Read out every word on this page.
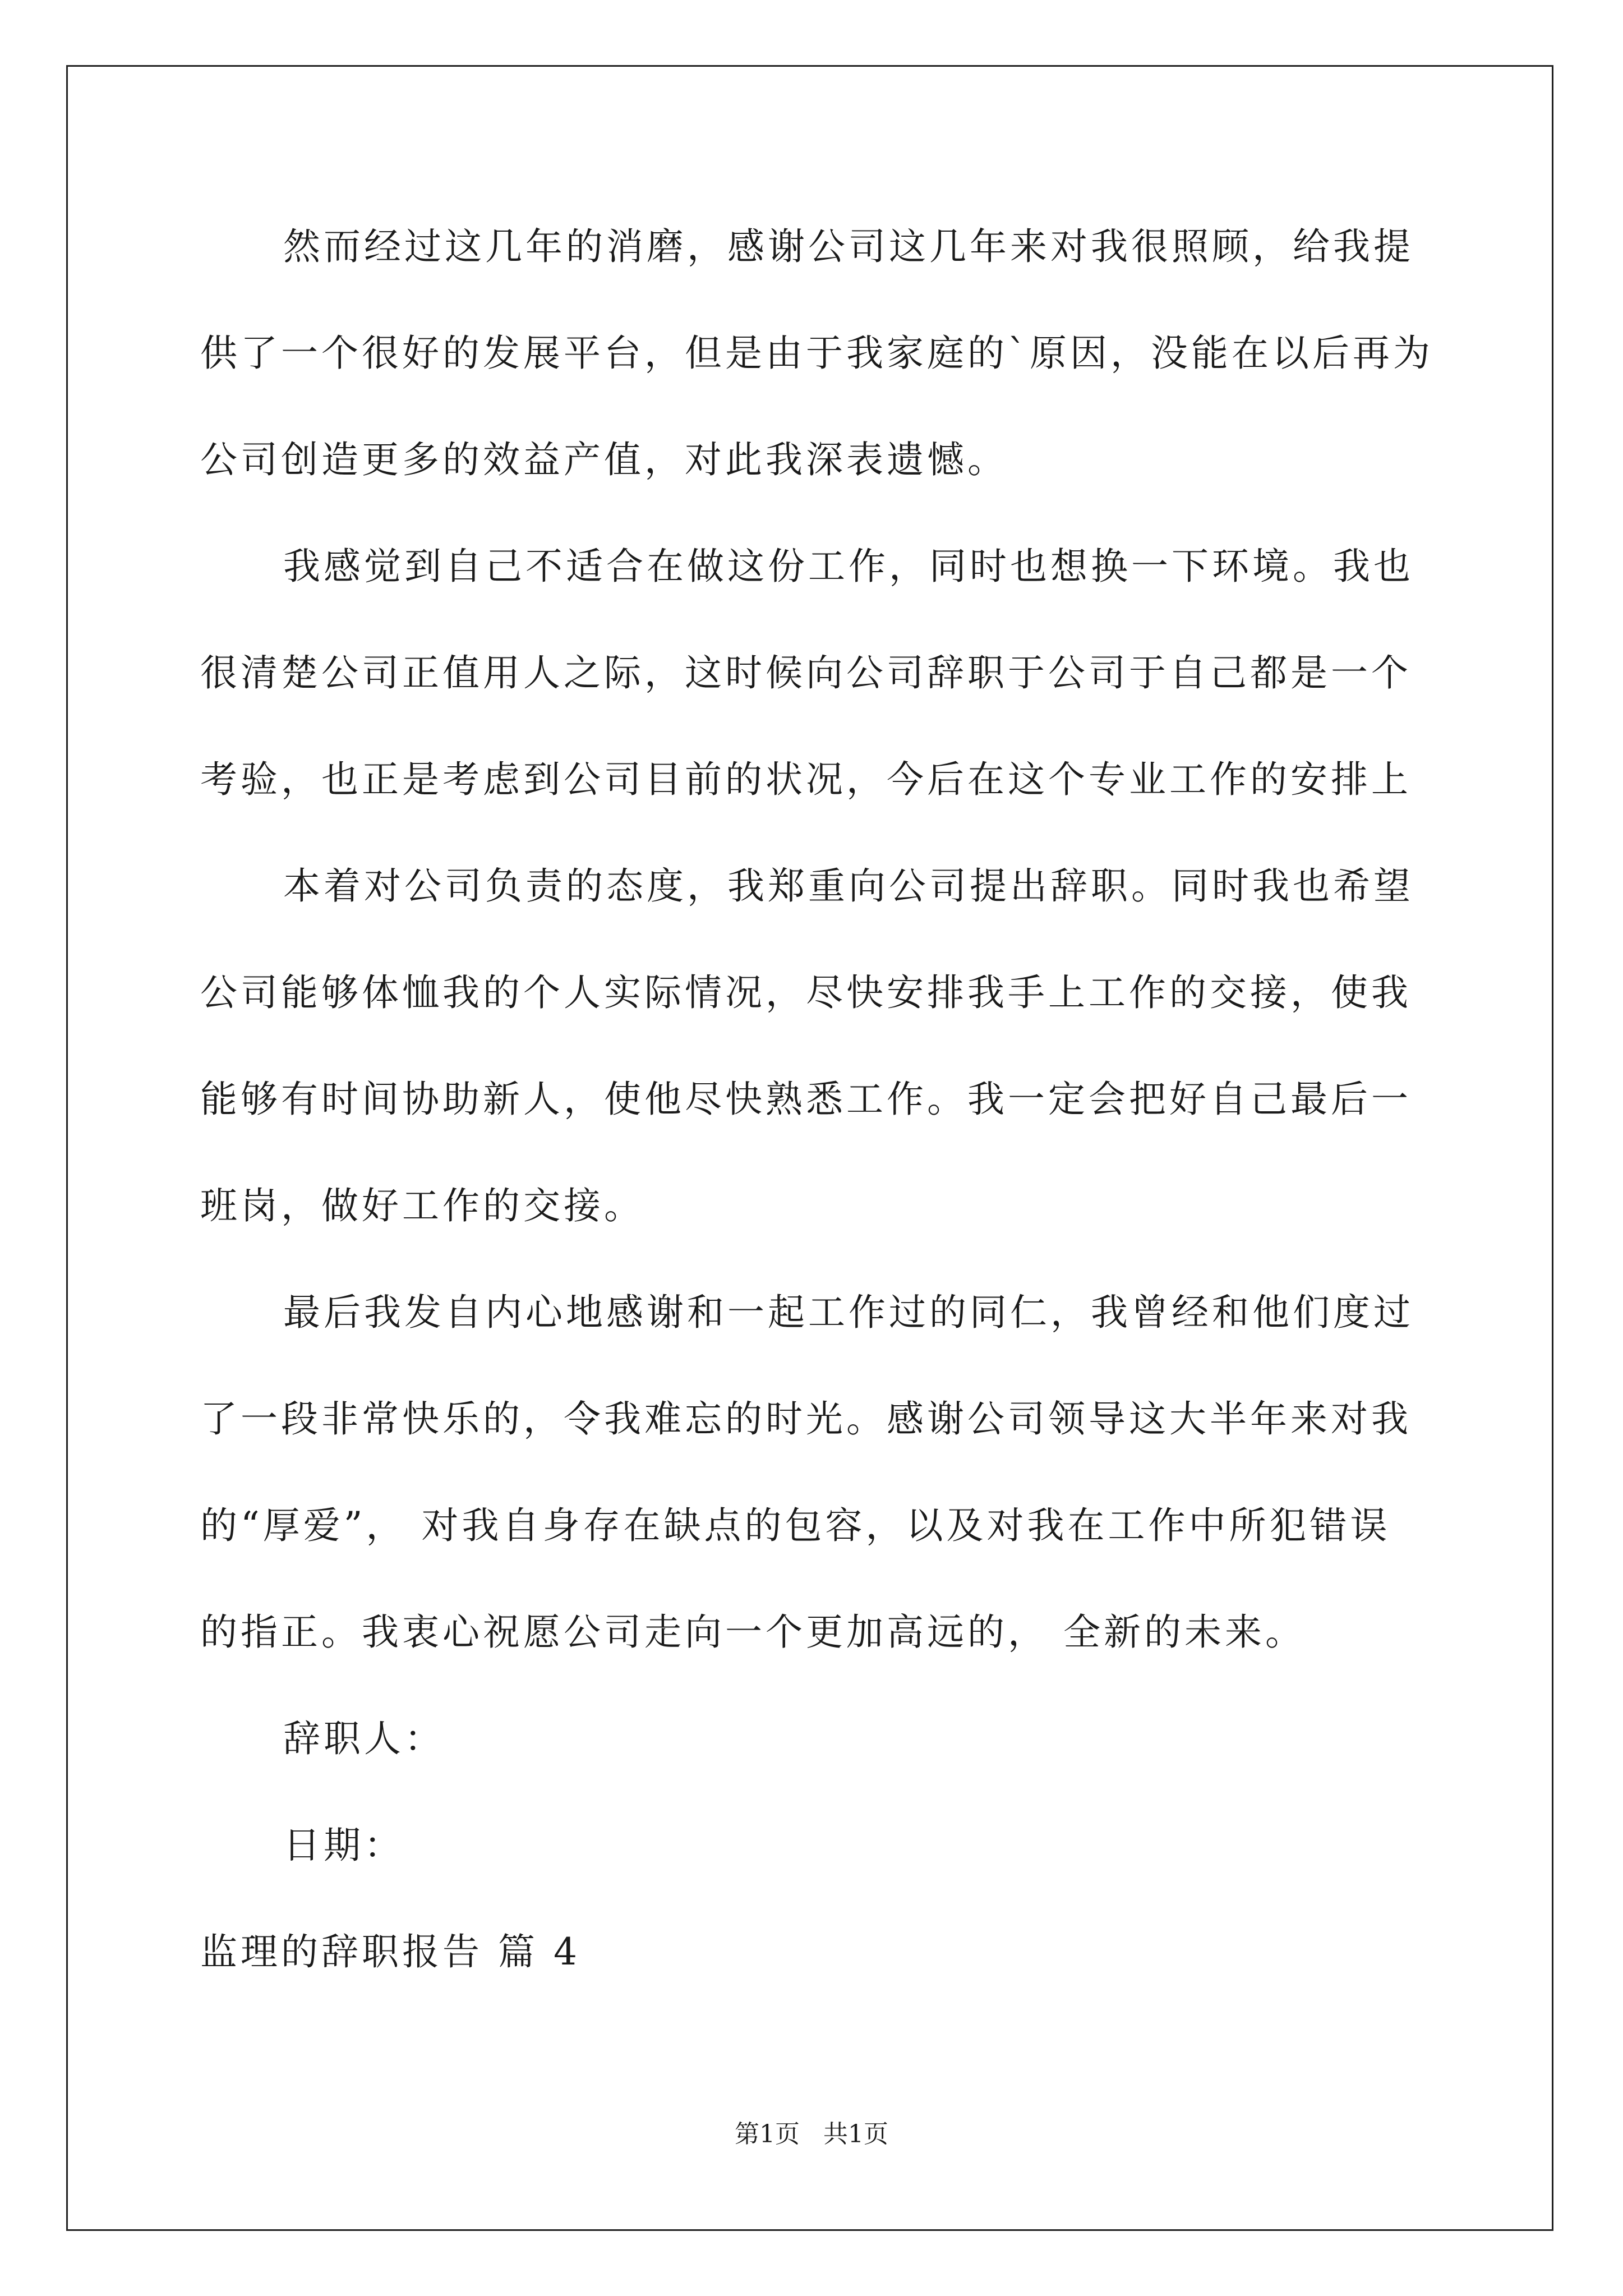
然而经过这几年的消磨，感谢公司这几年来对我很照顾，给我提
供了一个很好的发展平台，但是由于我家庭的`原因，没能在以后再为
公司创造更多的效益产值，对此我深表遗憾。
我感觉到自己不适合在做这份工作，同时也想换一下环境。我也
很清楚公司正值用人之际，这时候向公司辞职于公司于自己都是一个
考验，也正是考虑到公司目前的状况，今后在这个专业工作的安排上
本着对公司负责的态度，我郑重向公司提出辞职。同时我也希望
公司能够体恤我的个人实际情况，尽快安排我手上工作的交接，使我
能够有时间协助新人，使他尽快熟悉工作。我一定会把好自己最后一
班岗，做好工作的交接。
最后我发自内心地感谢和一起工作过的同仁，我曾经和他们度过
了一段非常快乐的，令我难忘的时光。感谢公司领导这大半年来对我
的“厚爱”， 对我自身存在缺点的包容，以及对我在工作中所犯错误
的指正。我衷心祝愿公司走向一个更加高远的， 全新的未来。
辞职人：
日期：
监理的辞职报告 篇 4
第1页   共1页
